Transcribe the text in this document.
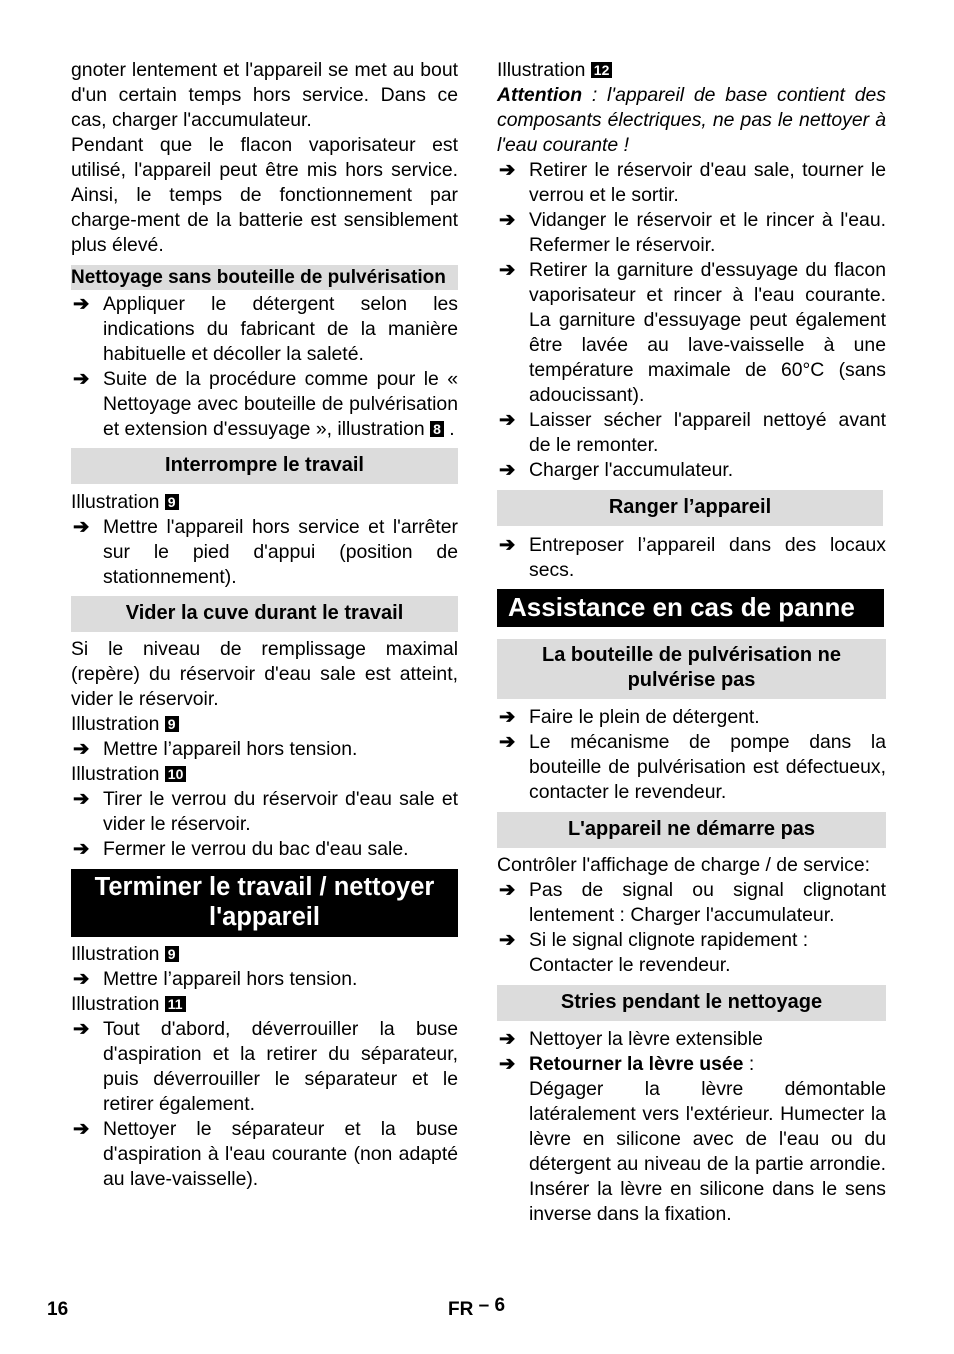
gnoter lentement et l'appareil se met au bout d'un certain temps hors service. Dans ce cas, charger l'accumulateur.

Pendant que le flacon vaporisateur est utilisé, l'appareil peut être mis hors service. Ainsi, le temps de fonctionnement par charge-ment de la batterie est sensiblement plus élevé.

Nettoyage sans bouteille de pulvérisation
➔ Appliquer le détergent selon les indications du fabricant de la manière habituelle et décoller la saleté.
➔ Suite de la procédure comme pour le « Nettoyage avec bouteille de pulvérisation et extension d'essuyage », illustration 8 .
Interrompre le travail

Illustration 9

➔ Mettre l'appareil hors service et l'arrêter sur le pied d'appui (position de stationnement).
Vider la cuve durant le travail

Si le niveau de remplissage maximal (repère) du réservoir d'eau sale est atteint, vider le réservoir.

Illustration 9

➔ Mettre l’appareil hors tension.

Illustration 10

➔ Tirer le verrou du réservoir d'eau sale et vider le réservoir.
➔ Fermer le verrou du bac d'eau sale.
Terminer le travail / nettoyer l'appareil

Illustration 9

➔ Mettre l’appareil hors tension.

Illustration 11

➔ Tout d'abord, déverrouiller la buse d'aspiration et la retirer du séparateur, puis déverrouiller le séparateur et le retirer également.
➔ Nettoyer le séparateur et la buse d'aspiration à l'eau courante (non adapté au lave-vaisselle).

Illustration 12

Attention : l'appareil de base contient des composants électriques, ne pas le nettoyer à l'eau courante !

➔ Retirer le réservoir d'eau sale, tourner le verrou et le sortir.
➔ Vidanger le réservoir et le rincer à l'eau. Refermer le réservoir.
➔ Retirer la garniture d'essuyage du flacon vaporisateur et rincer à l'eau courante. La garniture d'essuyage peut également être lavée au lave-vaisselle à une température maximale de 60°C (sans adoucissant).
➔ Laisser sécher l'appareil nettoyé avant de le remonter.
➔ Charger l'accumulateur.
Ranger l’appareil
➔ Entreposer l’appareil dans des locaux secs.
Assistance en cas de panne
La bouteille de pulvérisation ne pulvérise pas
➔ Faire le plein de détergent.
➔ Le mécanisme de pompe dans la bouteille de pulvérisation est défectueux, contacter le revendeur.
L'appareil ne démarre pas

Contrôler l'affichage de charge / de service:

➔ Pas de signal ou signal clignotant lentement : Charger l'accumulateur.
➔ Si le signal clignote rapidement : Contacter le revendeur.
Stries pendant le nettoyage
➔ Nettoyer la lèvre extensible
➔ Retourner la lèvre usée :

Dégager la lèvre démontable latéralement vers l'extérieur. Humecter la lèvre en silicone avec de l'eau ou du détergent au niveau de la partie arrondie. Insérer la lèvre en silicone dans le sens inverse dans la fixation.

16	FR – 6
